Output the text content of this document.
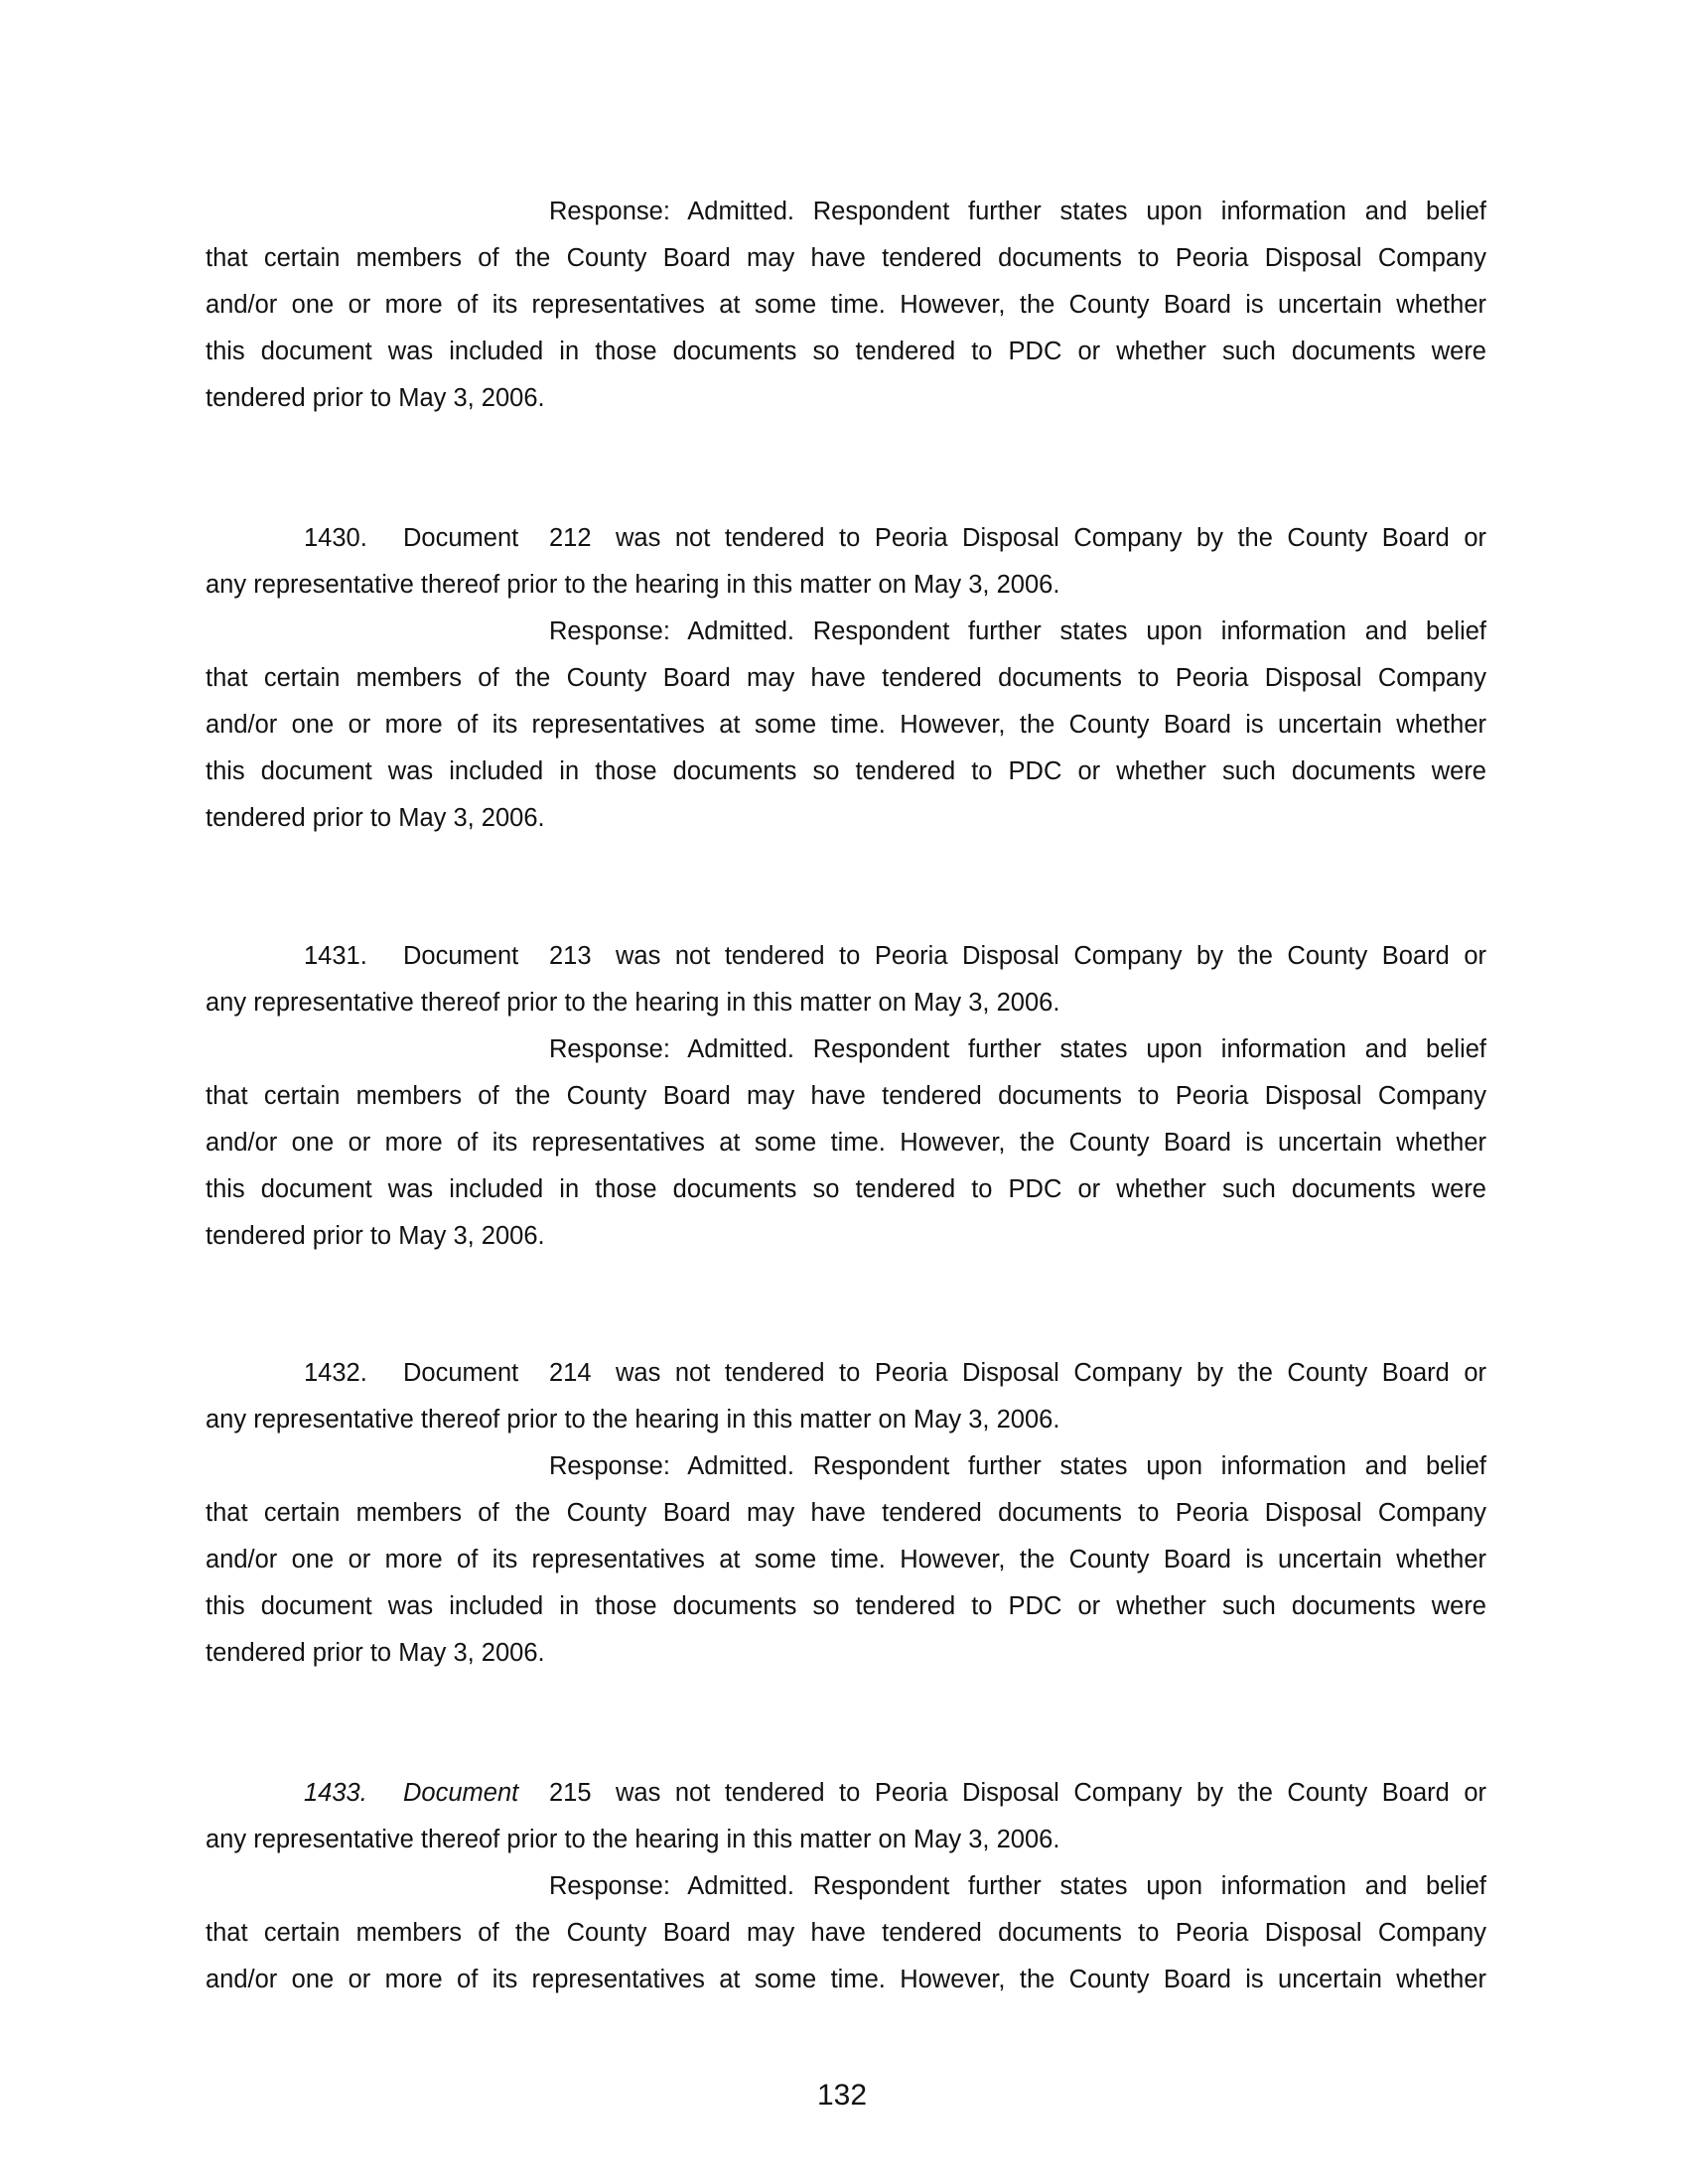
Response: Admitted. Respondent further states upon information and belief
that certain members of the County Board may have tendered documents to Peoria Disposal Company
and/or one or more of its representatives at some time. However, the County Board is uncertain whether
this document was included in those documents so tendered to PDC or whether such documents were
tendered prior to May 3, 2006.
1430. Document 212 was not tendered to Peoria Disposal Company by the County Board or
any representative thereof prior to the hearing in this matter on May 3, 2006.
Response: Admitted. Respondent further states upon information and belief
that certain members of the County Board may have tendered documents to Peoria Disposal Company
and/or one or more of its representatives at some time. However, the County Board is uncertain whether
this document was included in those documents so tendered to PDC or whether such documents were
tendered prior to May 3, 2006.
1431. Document 213 was not tendered to Peoria Disposal Company by the County Board or
any representative thereof prior to the hearing in this matter on May 3, 2006.
Response: Admitted. Respondent further states upon information and belief
that certain members of the County Board may have tendered documents to Peoria Disposal Company
and/or one or more of its representatives at some time. However, the County Board is uncertain whether
this document was included in those documents so tendered to PDC or whether such documents were
tendered prior to May 3, 2006.
1432. Document 214 was not tendered to Peoria Disposal Company by the County Board or
any representative thereof prior to the hearing in this matter on May 3, 2006.
Response: Admitted. Respondent further states upon information and belief
that certain members of the County Board may have tendered documents to Peoria Disposal Company
and/or one or more of its representatives at some time. However, the County Board is uncertain whether
this document was included in those documents so tendered to PDC or whether such documents were
tendered prior to May 3, 2006.
1433. Document 215 was not tendered to Peoria Disposal Company by the County Board or
any representative thereof prior to the hearing in this matter on May 3, 2006.
Response: Admitted. Respondent further states upon information and belief
that certain members of the County Board may have tendered documents to Peoria Disposal Company
and/or one or more of its representatives at some time. However, the County Board is uncertain whether
132
